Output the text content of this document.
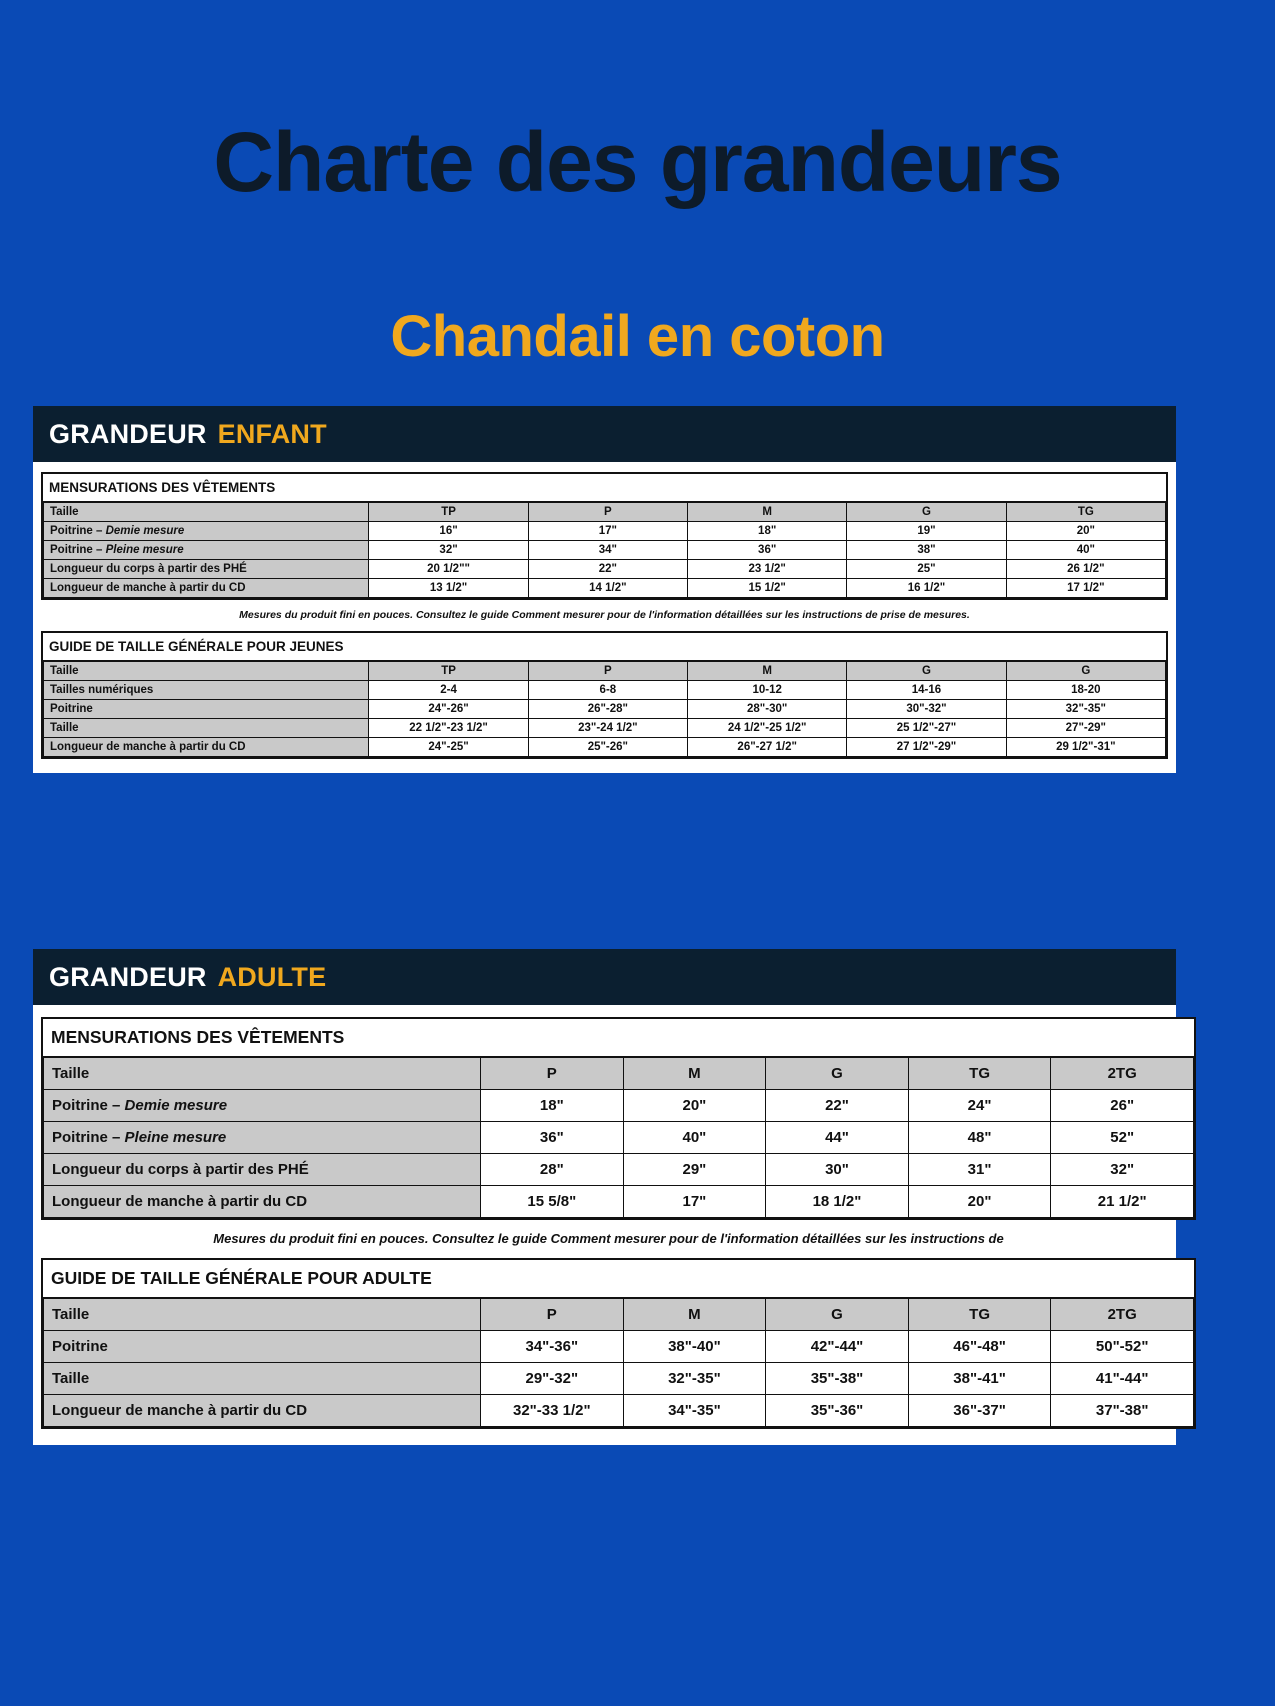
Charte des grandeurs
Chandail en coton
GRANDEUR ENFANT
MENSURATIONS DES VÊTEMENTS
Taille	TP	P	M	G	TG
Poitrine – Demie mesure	16"	17"	18"	19"	20"
Poitrine – Pleine mesure	32"	34"	36"	38"	40"
Longueur du corps à partir des PHÉ	20 1/2""	22"	23 1/2"	25"	26 1/2"
Longueur de manche à partir du CD	13 1/2"	14 1/2"	15 1/2"	16 1/2"	17 1/2"
Mesures du produit fini en pouces. Consultez le guide Comment mesurer pour de l'information détaillées sur les instructions de prise de mesures.
GUIDE DE TAILLE GÉNÉRALE POUR JEUNES
Taille	TP	P	M	G	G
Tailles numériques	2-4	6-8	10-12	14-16	18-20
Poitrine	24"-26"	26"-28"	28"-30"	30"-32"	32"-35"
Taille	22 1/2"-23 1/2"	23"-24 1/2"	24 1/2"-25 1/2"	25 1/2"-27"	27"-29"
Longueur de manche à partir du CD	24"-25"	25"-26"	26"-27 1/2"	27 1/2"-29"	29 1/2"-31"
GRANDEUR ADULTE
MENSURATIONS DES VÊTEMENTS
Taille	P	M	G	TG	2TG
Poitrine – Demie mesure	18"	20"	22"	24"	26"
Poitrine – Pleine mesure	36"	40"	44"	48"	52"
Longueur du corps à partir des PHÉ	28"	29"	30"	31"	32"
Longueur de manche à partir du CD	15 5/8"	17"	18 1/2"	20"	21 1/2"
Mesures du produit fini en pouces. Consultez le guide Comment mesurer pour de l'information détaillées sur les instructions de
GUIDE DE TAILLE GÉNÉRALE POUR ADULTE
Taille	P	M	G	TG	2TG
Poitrine	34"-36"	38"-40"	42"-44"	46"-48"	50"-52"
Taille	29"-32"	32"-35"	35"-38"	38"-41"	41"-44"
Longueur de manche à partir du CD	32"-33 1/2"	34"-35"	35"-36"	36"-37"	37"-38"
